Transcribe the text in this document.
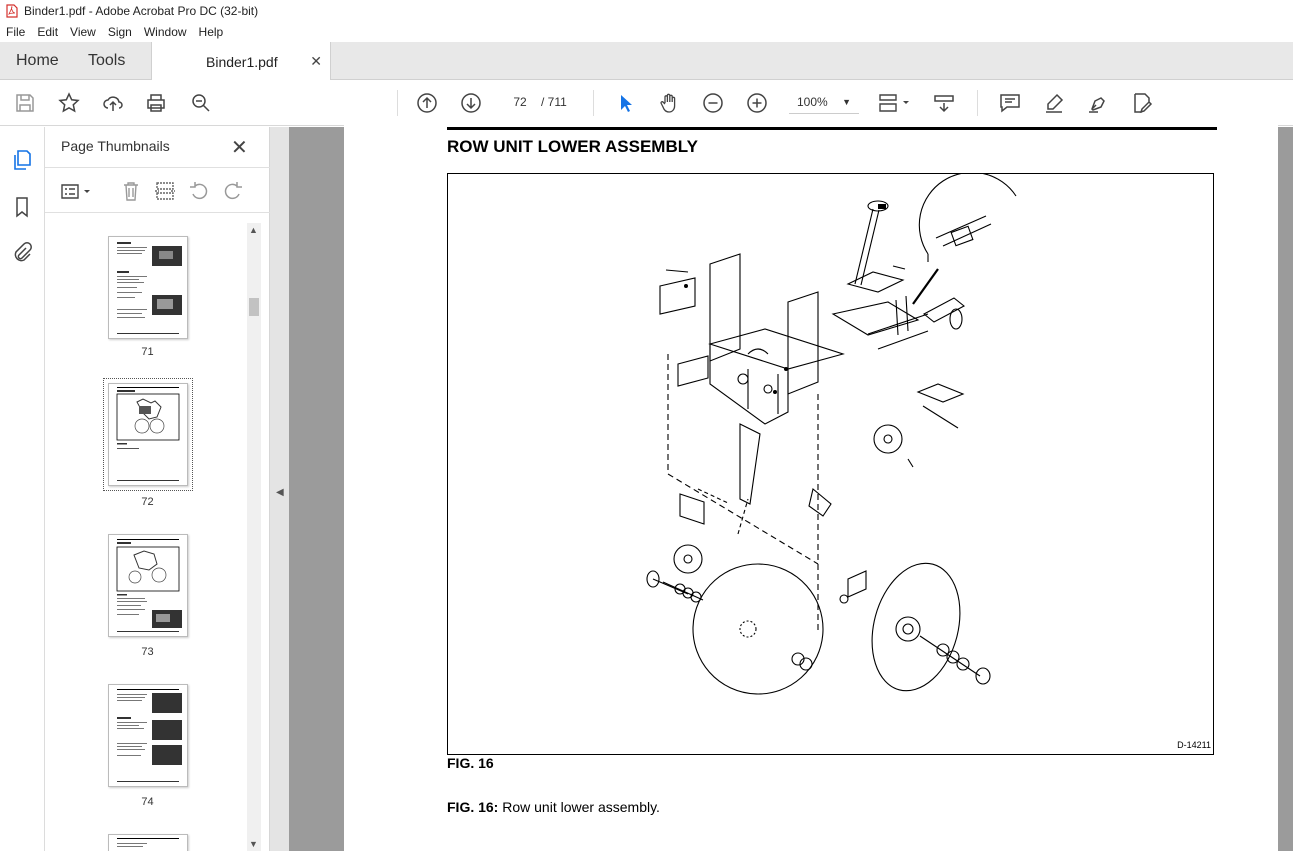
Binder1.pdf - Adobe Acrobat Pro DC (32-bit)
File	Edit	View	Sign	Window	Help
Home	Tools	Binder1.pdf ✕
72	/ 711	100% ▼
Page Thumbnails	✕
71
72
73
74
▲
▼
◀
ROW UNIT LOWER ASSEMBLY
D-14211
FIG. 16
FIG. 16: Row unit lower assembly.
